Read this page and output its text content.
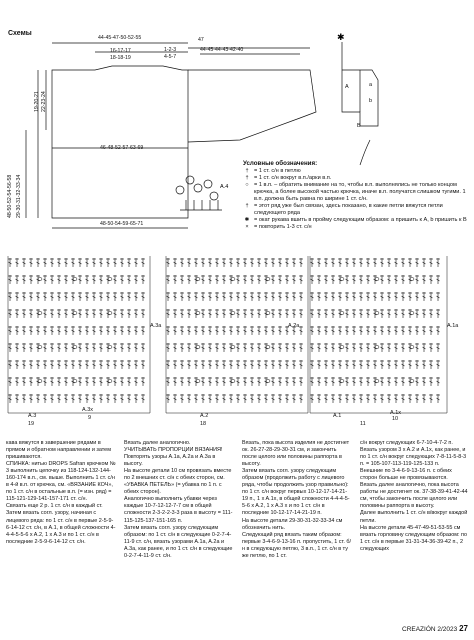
Схемы	✱
A.4
44-45-47-50-52-55
16-17-17
18-18-19
1-2-3
4-5-7
47
44-45-44-43-42-40
46-48-52-57-63-69
48-50-54-59-65-71
19-20-21 22-23-24
48-50-52-54-56-58 29-30-31-32-33-34
A	a
b
B
Условные обозначения:
† = 1 ст. с/н в петлю
† = 1 ст. с/н вокруг в.п./арки в.п.
○ = 1 в.п. – обратить внимание на то, чтобы в.п. выполнялись не только концом крючка, а более высокой частью крючка, иначе в.п. получатся слишком тугими. 1 в.п. должна быть равна по ширине 1 ст. с/н.
† = этот ряд уже был связан, здесь показано, в какие петли вяжутся петли следующего ряда
✱ = окат рукава вшить в пройму следующим образом: а пришить к A, b пришить к B
× = повторить 1-3 ст. с/н
A.3a
A.3x
A.3
A.2a
A.2
A.1a
A.1x
A.1
9
19	18	11
10
кава вяжутся в завершение рядами в прямом и обратном направлении и затем пришиваются.
СПИНКА: нитью DROPS Safran крючком № 3 выполнить цепочку из 118-124-132-144-160-174 в.п., см. выше. Выполнить 1 ст. с/н в 4-й в.п. от крючка, см. «ВЯЗАНИЕ КОЧ», по 1 ст. с/н в остальные в.п. (= изн. ряд) = 115-121-129-141-157-171 ст. с/н.
Связать еще 2 р. 1 ст. с/н в каждый ст.
Затем вязать согл. узору, начиная с лицевого ряда: по 1 ст. с/н в первые 2-5-9-6-14-12 ст. с/н, в A.1, в общей сложности 4-4-4-5-5-6 x A.2, 1 x A.3 и по 1 ст. с/н в последние 2-5-9-6-14-12 ст. с/н.
Вязать далее аналогично.
УЧИТЫВАТЬ ПРОПОРЦИИ ВЯЗАНИЯ! Повторять узоры A.1a, A.2a и A.3a в высоту.
На высоте детали 10 см провязать вместе по 2 внешних ст. с/н с обеих сторон, см. «УБАВКА ПЕТЕЛЬ» (= убавка по 1 п. с обеих сторон).
Аналогично выполнить убавки через каждые 10-7-12-12-7-7 см в общей сложности 2-3-2-2-3-3 раза в высоту = 111-115-125-137-151-165 п.
Затем вязать согл. узору следующим образом: по 1 ст. с/н в следующие 0-2-7-4-11-9 ст. с/н, вязать узорами A.1a, A.2a и A.3a, как ранее, и по 1 ст. с/н в следующие 0-2-7-4-11-9 ст. с/н.
Вязать, пока высота изделия не достигнет ок. 26-27-28-29-30-31 см, и закончить после целого или половины раппорта в высоту.
Затем вязать согл. узору следующим образом (продолжить работу с лицевого ряда, чтобы продолжить узор правильно): по 1 ст. с/н вокруг первых 10-12-17-14-21-19 п., 1 x A.1x, в общей сложности 4-4-4-5-5-6 x A.2, 1 x A.3 x и по 1 ст. с/н в последние 10-12-17-14-21-19 п.
На высоте детали 29-30-31-32-33-34 см обозначить нить.
Следующий ряд вязать таким образом: первые 3-4-6-9-13-16 п. пропустить, 1 ст. б/н в следующую петлю, 3 в.п., 1 ст. с/н в ту же петлю, по 1 ст.
с/н вокруг следующих 6-7-10-4-7-2 п. Вязать узором 3 x A.2 и A.1x, как ранее, и по 1 ст. с/н вокруг следующих 7-8-11-5-8-3 п. = 105-107-113-119-125-133 п.
Внешние по 3-4-6-9-13-16 п. с обеих сторон больше не провязываются.
Вязать далее аналогично, пока высота работы не достигнет ок. 37-38-39-41-42-44 см, чтобы закончить после целого или половины раппорта в высоту.
Далее выполнить 1 ст. с/н в/вокруг каждой петли.
На высоте детали 45-47-49-51-53-55 см вязать горловину следующим образом: по 1 ст. с/н в первые 31-31-34-36-39-42 п., 2 следующих
CREAZIÓN 2/2023 27
